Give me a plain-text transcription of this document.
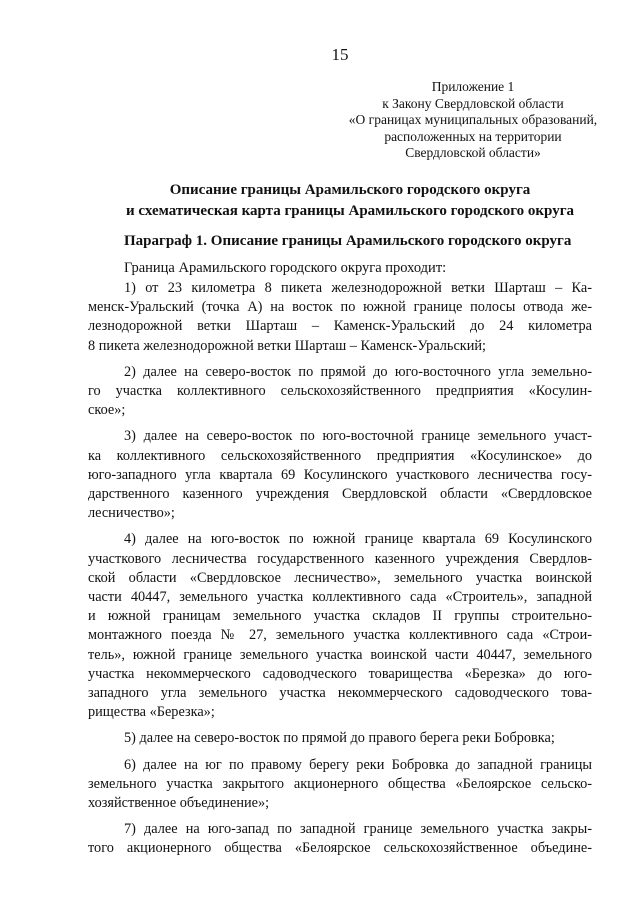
15
Приложение 1
к Закону Свердловской области
«О границах муниципальных образований,
расположенных на территории
Свердловской области»
Описание границы Арамильского городского округа
и схематическая карта границы Арамильского городского округа
Параграф 1. Описание границы Арамильского городского округа
Граница Арамильского городского округа проходит:
1) от 23 километра 8 пикета железнодорожной ветки Шарташ – Ка-
менск-Уральский (точка А) на восток по южной границе полосы отвода же-
лезнодорожной ветки Шарташ – Каменск-Уральский до 24 километра
8 пикета железнодорожной ветки Шарташ – Каменск-Уральский;
2) далее на северо-восток по прямой до юго-восточного угла земельно-
го участка коллективного сельскохозяйственного предприятия «Косулин-
ское»;
3) далее на северо-восток по юго-восточной границе земельного участ-
ка коллективного сельскохозяйственного предприятия «Косулинское» до
юго-западного угла квартала 69 Косулинского участкового лесничества госу-
дарственного казенного учреждения Свердловской области «Свердловское
лесничество»;
4) далее на юго-восток по южной границе квартала 69 Косулинского
участкового лесничества государственного казенного учреждения Свердлов-
ской области «Свердловское лесничество», земельного участка воинской
части 40447, земельного участка коллективного сада «Строитель», западной
и южной границам земельного участка складов II группы строительно-
монтажного поезда № 27, земельного участка коллективного сада «Строи-
тель», южной границе земельного участка воинской части 40447, земельного
участка некоммерческого садоводческого товарищества «Березка» до юго-
западного угла земельного участка некоммерческого садоводческого това-
рищества «Березка»;
5) далее на северо-восток по прямой до правого берега реки Бобровка;
6) далее на юг по правому берегу реки Бобровка до западной границы
земельного участка закрытого акционерного общества «Белоярское сельско-
хозяйственное объединение»;
7) далее на юго-запад по западной границе земельного участка закры-
того акционерного общества «Белоярское сельскохозяйственное объедине-
